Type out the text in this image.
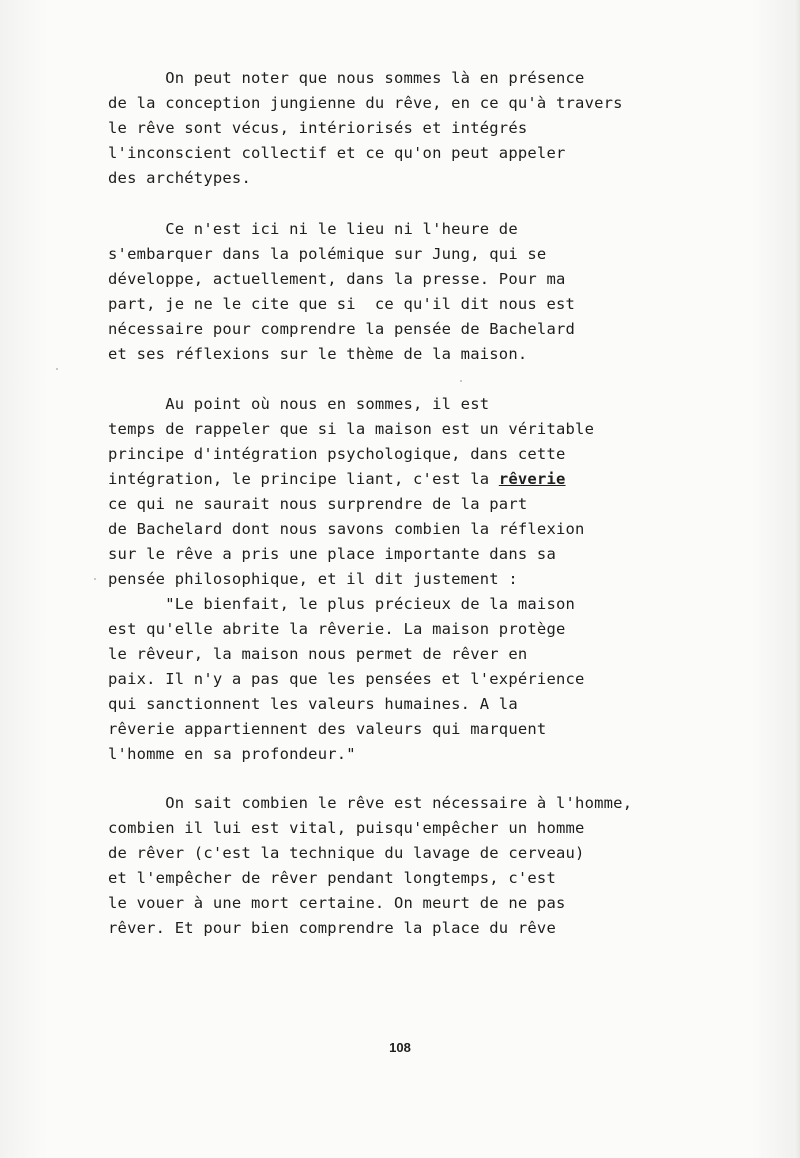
On peut noter que nous sommes là en présence
de la conception jungienne du rêve, en ce qu'à travers
le rêve sont vécus, intériorisés et intégrés
l'inconscient collectif et ce qu'on peut appeler
des archétypes.
Ce n'est ici ni le lieu ni l'heure de
s'embarquer dans la polémique sur Jung, qui se
développe, actuellement, dans la presse. Pour ma
part, je ne le cite que si  ce qu'il dit nous est
nécessaire pour comprendre la pensée de Bachelard
et ses réflexions sur le thème de la maison.
Au point où nous en sommes, il est
temps de rappeler que si la maison est un véritable
principe d'intégration psychologique, dans cette
intégration, le principe liant, c'est la rêverie
ce qui ne saurait nous surprendre de la part
de Bachelard dont nous savons combien la réflexion
sur le rêve a pris une place importante dans sa
pensée philosophique, et il dit justement :
"Le bienfait, le plus précieux de la maison
est qu'elle abrite la rêverie. La maison protège
le rêveur, la maison nous permet de rêver en
paix. Il n'y a pas que les pensées et l'expérience
qui sanctionnent les valeurs humaines. A la
rêverie appartiennent des valeurs qui marquent
l'homme en sa profondeur."
On sait combien le rêve est nécessaire à l'homme,
combien il lui est vital, puisqu'empêcher un homme
de rêver (c'est la technique du lavage de cerveau)
et l'empêcher de rêver pendant longtemps, c'est
le vouer à une mort certaine. On meurt de ne pas
rêver. Et pour bien comprendre la place du rêve
108
